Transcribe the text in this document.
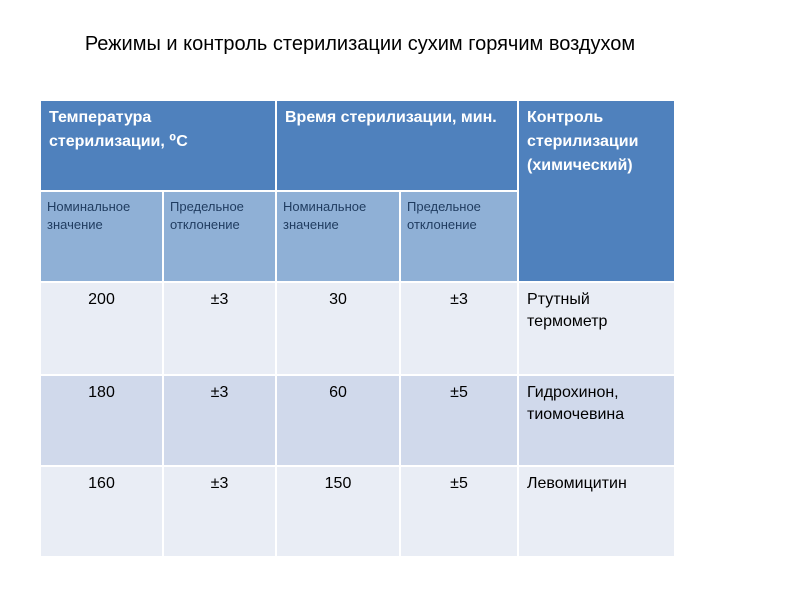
Режимы и контроль стерилизации сухим горячим воздухом
Температура стерилизации, ⁰С		Время стерилизации, мин.		Контроль стерилизации (химический)
Номинальное значение	Предельное отклонение	Номинальное значение	Предельное отклонение	
200	±3	30	±3	Ртутный термометр
180	±3	60	±5	Гидрохинон, тиомочевина
160	±3	150	±5	Левомицитин
